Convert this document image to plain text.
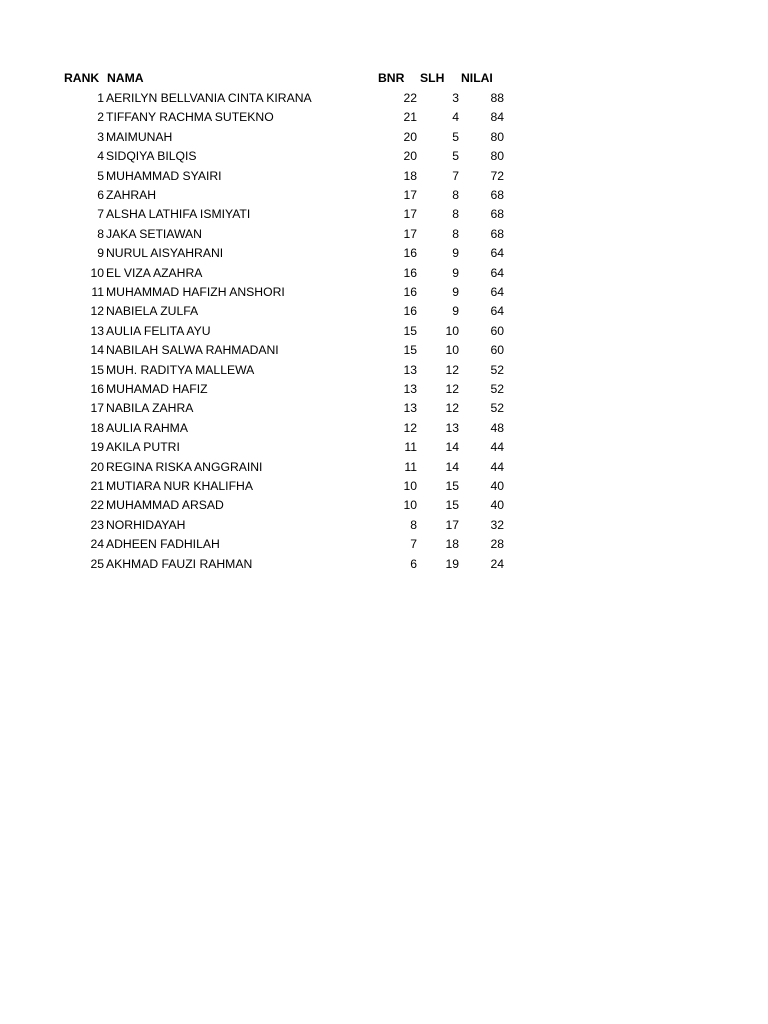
RANK NAMA	BNR SLH NILAI
1 AERILYN BELLVANIA CINTA KIRANA	22	3	88
2 TIFFANY RACHMA SUTEKNO	21	4	84
3 MAIMUNAH	20	5	80
4 SIDQIYA BILQIS	20	5	80
5 MUHAMMAD SYAIRI	18	7	72
6 ZAHRAH	17	8	68
7 ALSHA LATHIFA ISMIYATI	17	8	68
8 JAKA SETIAWAN	17	8	68
9 NURUL AISYAHRANI	16	9	64
10 EL VIZA AZAHRA	16	9	64
11 MUHAMMAD HAFIZH ANSHORI	16	9	64
12 NABIELA ZULFA	16	9	64
13 AULIA FELITA AYU	15	10	60
14 NABILAH SALWA RAHMADANI	15	10	60
15 MUH. RADITYA MALLEWA	13	12	52
16 MUHAMAD HAFIZ	13	12	52
17 NABILA ZAHRA	13	12	52
18 AULIA RAHMA	12	13	48
19 AKILA PUTRI	11	14	44
20 REGINA RISKA ANGGRAINI	11	14	44
21 MUTIARA NUR KHALIFHA	10	15	40
22 MUHAMMAD ARSAD	10	15	40
23 NORHIDAYAH	8	17	32
24 ADHEEN FADHILAH	7	18	28
25 AKHMAD FAUZI RAHMAN	6	19	24
